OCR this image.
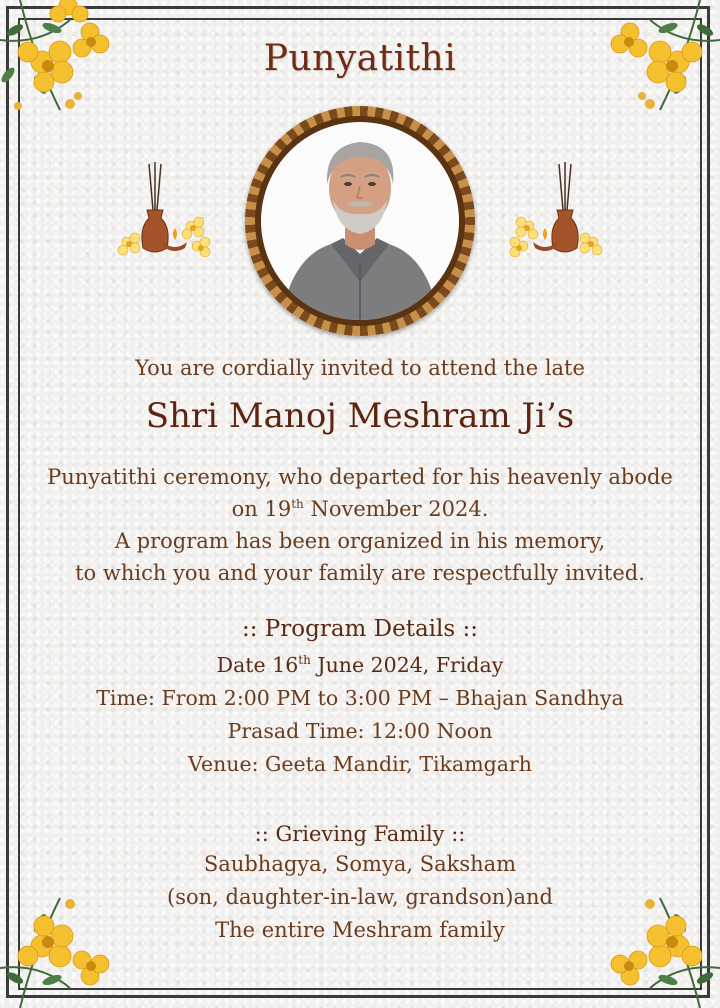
Punyatithi
You are cordially invited to attend the late
Shri Manoj Meshram Ji’s
Punyatithi ceremony, who departed for his heavenly abode
on 19th November 2024.
A program has been organized in his memory,
to which you and your family are respectfully invited.
:: Program Details ::
Date 16th June 2024, Friday
Time: From 2:00 PM to 3:00 PM – Bhajan Sandhya
Prasad Time: 12:00 Noon
Venue: Geeta Mandir, Tikamgarh
:: Grieving Family ::
Saubhagya, Somya, Saksham
(son, daughter-in-law, grandson)and
The entire Meshram family
